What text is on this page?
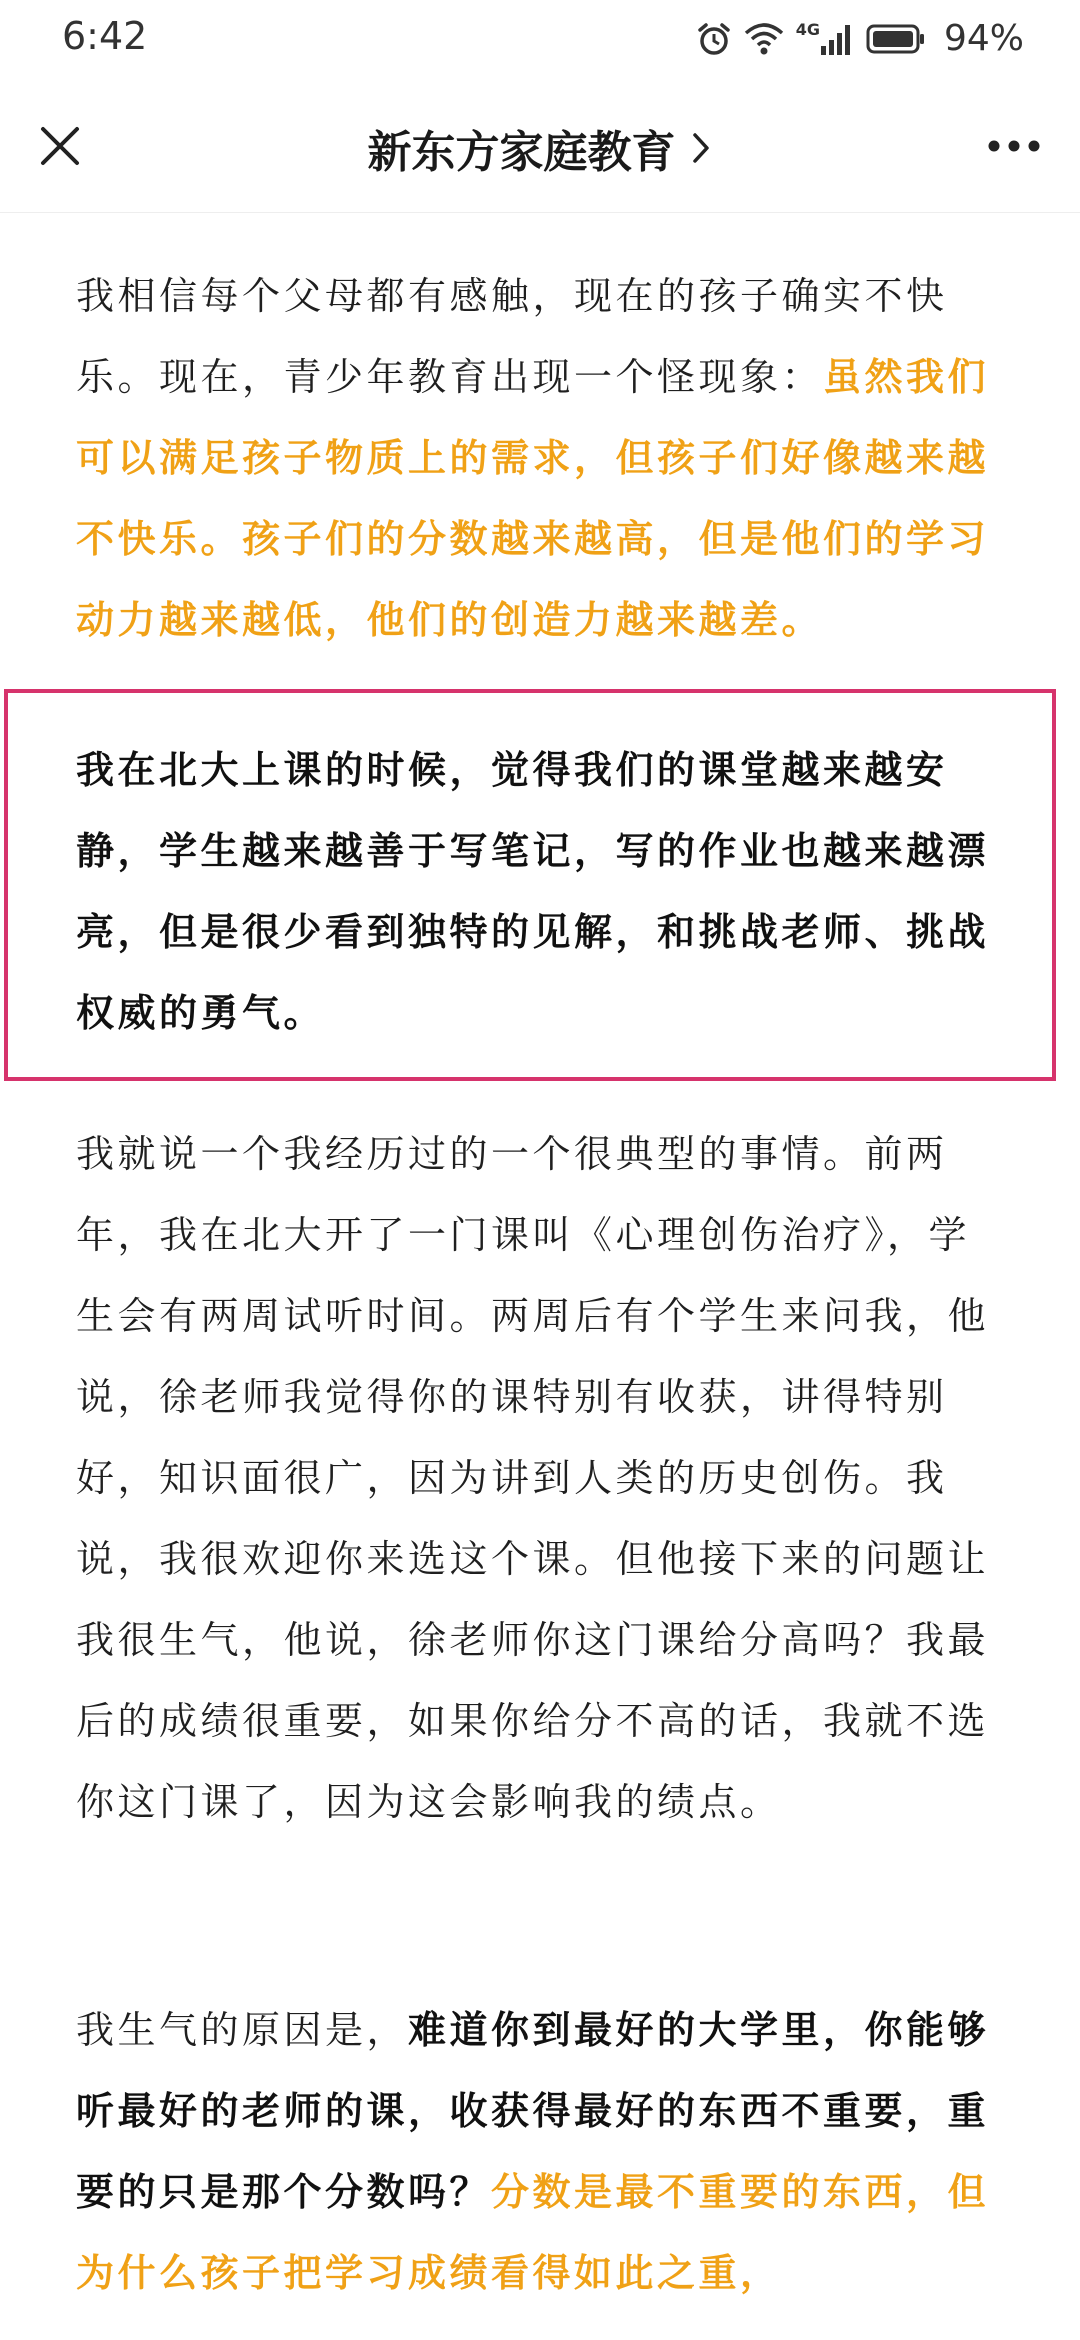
6:42	4G	94%
新东方家庭教育

我相信每个父母都有感触，现在的孩子确实不快乐。现在，青少年教育出现一个怪现象：虽然我们可以满足孩子物质上的需求，但孩子们好像越来越不快乐。孩子们的分数越来越高，但是他们的学习动力越来越低，他们的创造力越来越差。

我在北大上课的时候，觉得我们的课堂越来越安静，学生越来越善于写笔记，写的作业也越来越漂亮，但是很少看到独特的见解，和挑战老师、挑战权威的勇气。

我就说一个我经历过的一个很典型的事情。前两年，我在北大开了一门课叫《心理创伤治疗》，学生会有两周试听时间。两周后有个学生来问我，他说，徐老师我觉得你的课特别有收获，讲得特别好，知识面很广，因为讲到人类的历史创伤。我说，我很欢迎你来选这个课。但他接下来的问题让我很生气，他说，徐老师你这门课给分高吗？我最后的成绩很重要，如果你给分不高的话，我就不选你这门课了，因为这会影响我的绩点。

我生气的原因是，难道你到最好的大学里，你能够听最好的老师的课，收获得最好的东西不重要，重要的只是那个分数吗？分数是最不重要的东西，但为什么孩子把学习成绩看得如此之重，
